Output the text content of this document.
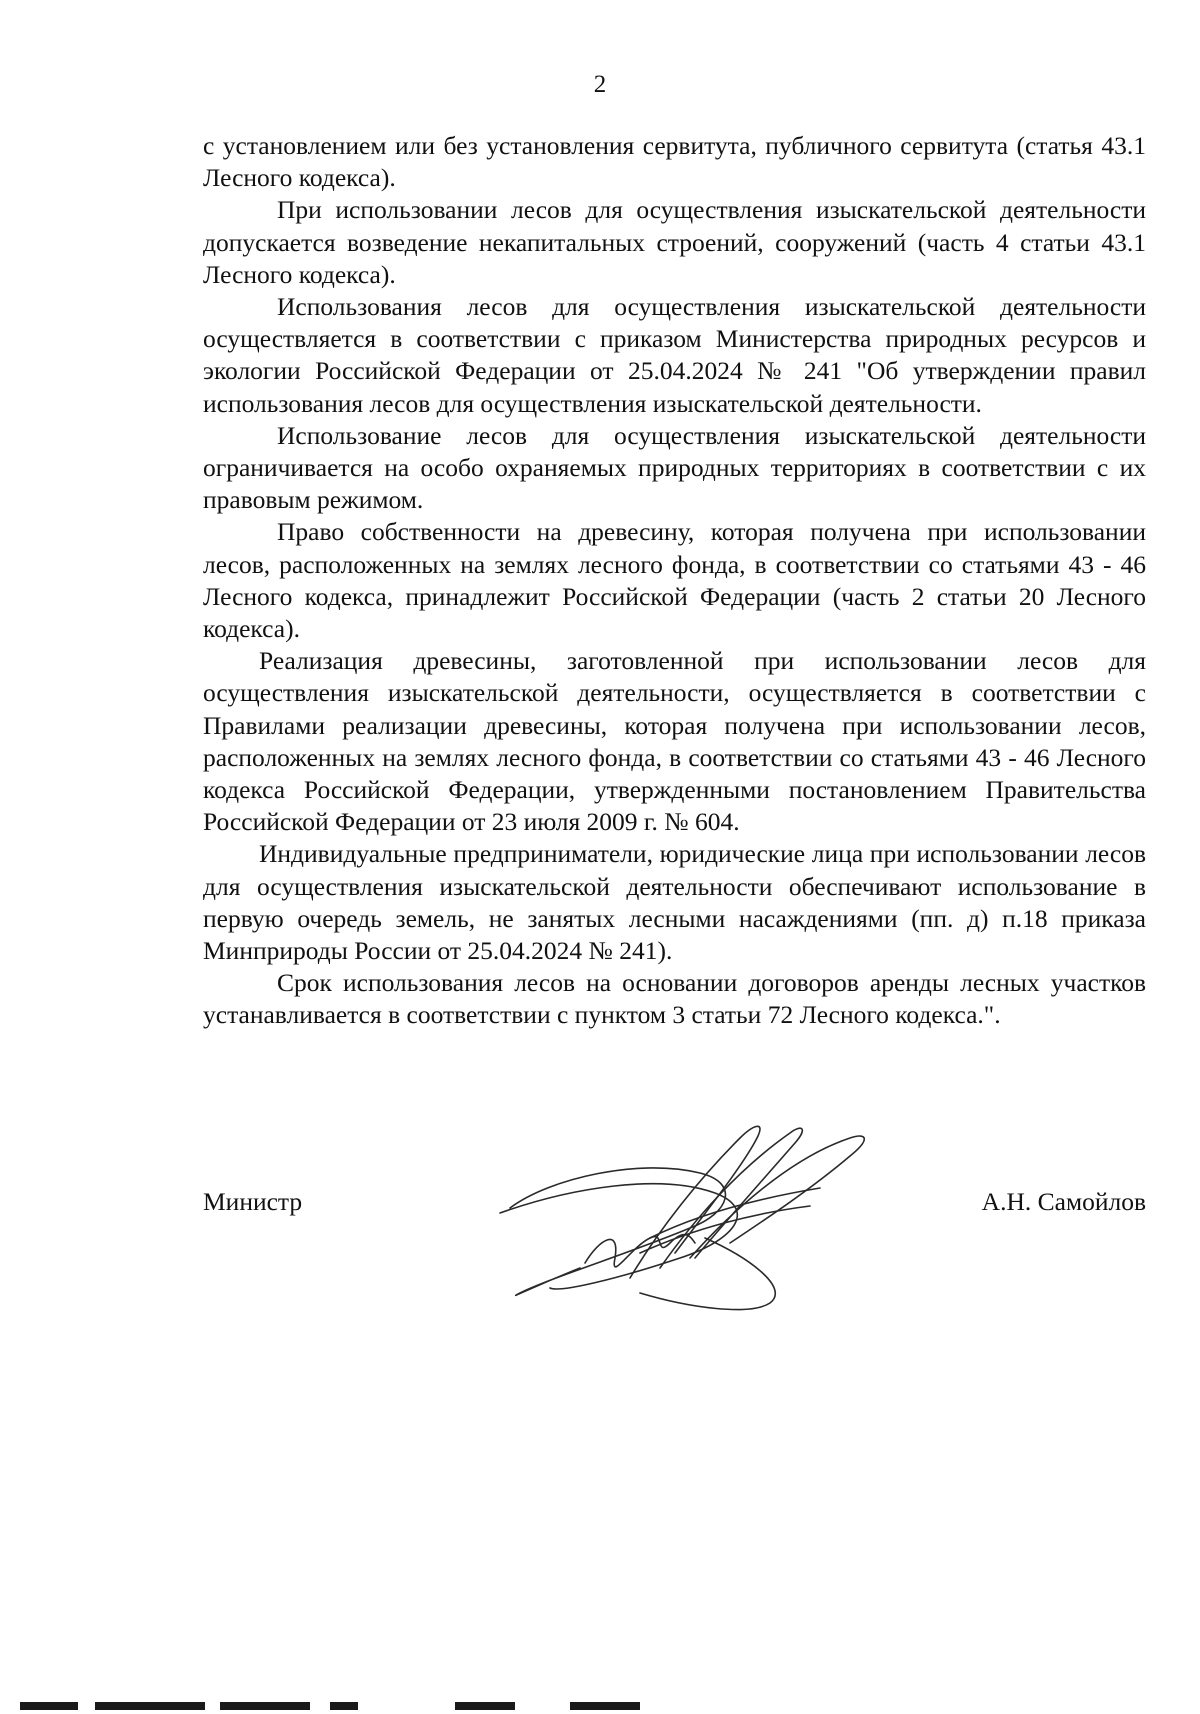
2

с установлением или без установления сервитута, публичного сервитута (статья 43.1 Лесного кодекса).

При использовании лесов для осуществления изыскательской деятельности допускается возведение некапитальных строений, сооружений (часть 4 статьи 43.1 Лесного кодекса).

Использования лесов для осуществления изыскательской деятельности осуществляется в соответствии с приказом Министерства природных ресурсов и экологии Российской Федерации от 25.04.2024 № 241 "Об утверждении правил использования лесов для осуществления изыскательской деятельности.

Использование лесов для осуществления изыскательской деятельности ограничивается на особо охраняемых природных территориях в соответствии с их правовым режимом.

Право собственности на древесину, которая получена при использовании лесов, расположенных на землях лесного фонда, в соответствии со статьями 43 - 46 Лесного кодекса, принадлежит Российской Федерации (часть 2 статьи 20 Лесного кодекса).

Реализация древесины, заготовленной при использовании лесов для осуществления изыскательской деятельности, осуществляется в соответствии с Правилами реализации древесины, которая получена при использовании лесов, расположенных на землях лесного фонда, в соответствии со статьями 43 - 46 Лесного кодекса Российской Федерации, утвержденными постановлением Правительства Российской Федерации от 23 июля 2009 г. № 604.

Индивидуальные предприниматели, юридические лица при использовании лесов для осуществления изыскательской деятельности обеспечивают использование в первую очередь земель, не занятых лесными насаждениями (пп. д) п.18 приказа Минприроды России от 25.04.2024 № 241).

Срок использования лесов на основании договоров аренды лесных участков устанавливается в соответствии с пунктом 3 статьи 72 Лесного кодекса.".

Министр	А.Н. Самойлов
